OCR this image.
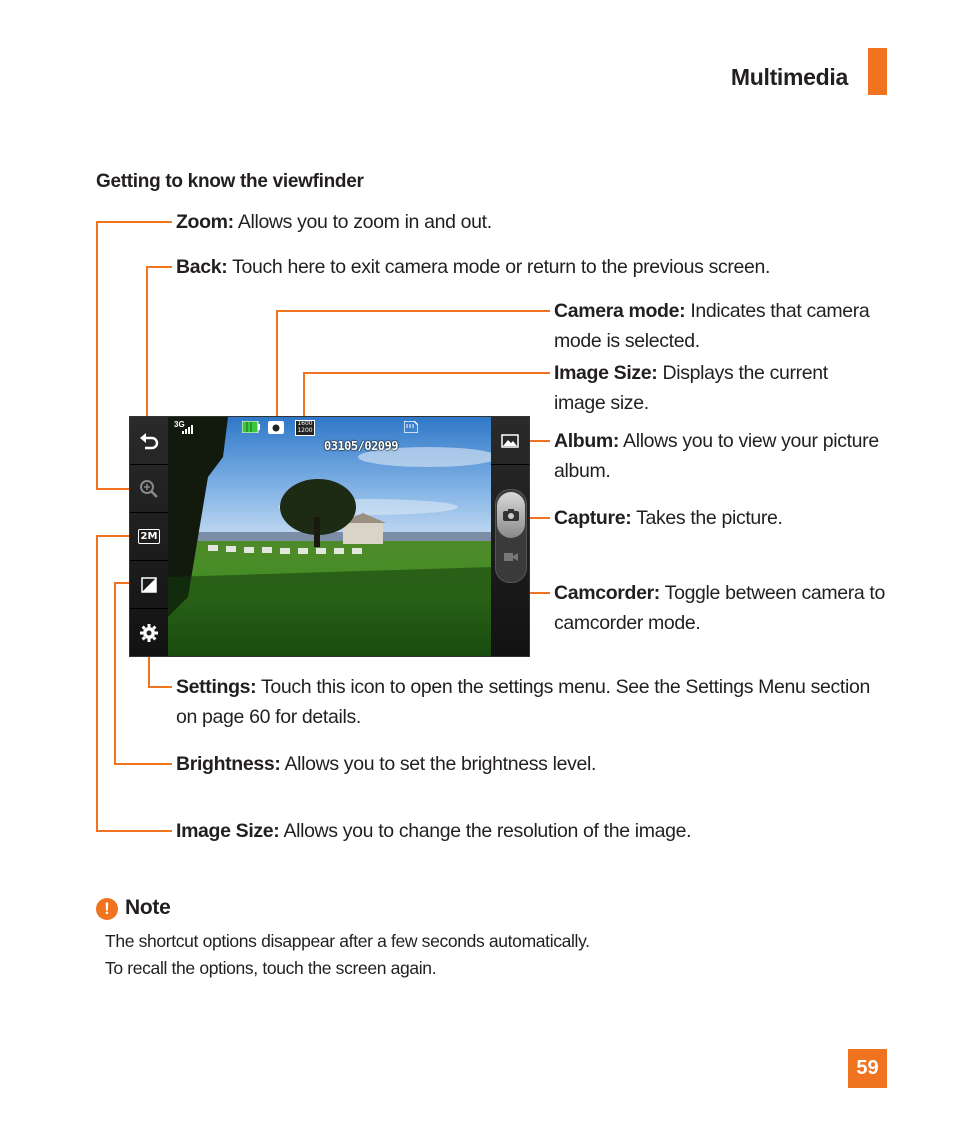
Multimedia
Getting to know the viewfinder
Zoom: Allows you to zoom in and out.
Back: Touch here to exit camera mode or return to the previous screen.
Camera mode: Indicates that camera
mode is selected.
Image Size: Displays the current
image size.
Album: Allows you to view your picture
album.
Capture: Takes the picture.
Camcorder: Toggle between camera to
camcorder mode.
Settings: Touch this icon to open the settings menu. See the Settings Menu section
on page 60 for details.
Brightness: Allows you to set the brightness level.
Image Size: Allows you to change the resolution of the image.
2M
3G	1600
1200
03105/02099
! Note
The shortcut options disappear after a few seconds automatically.
To recall the options, touch the screen again.
59
